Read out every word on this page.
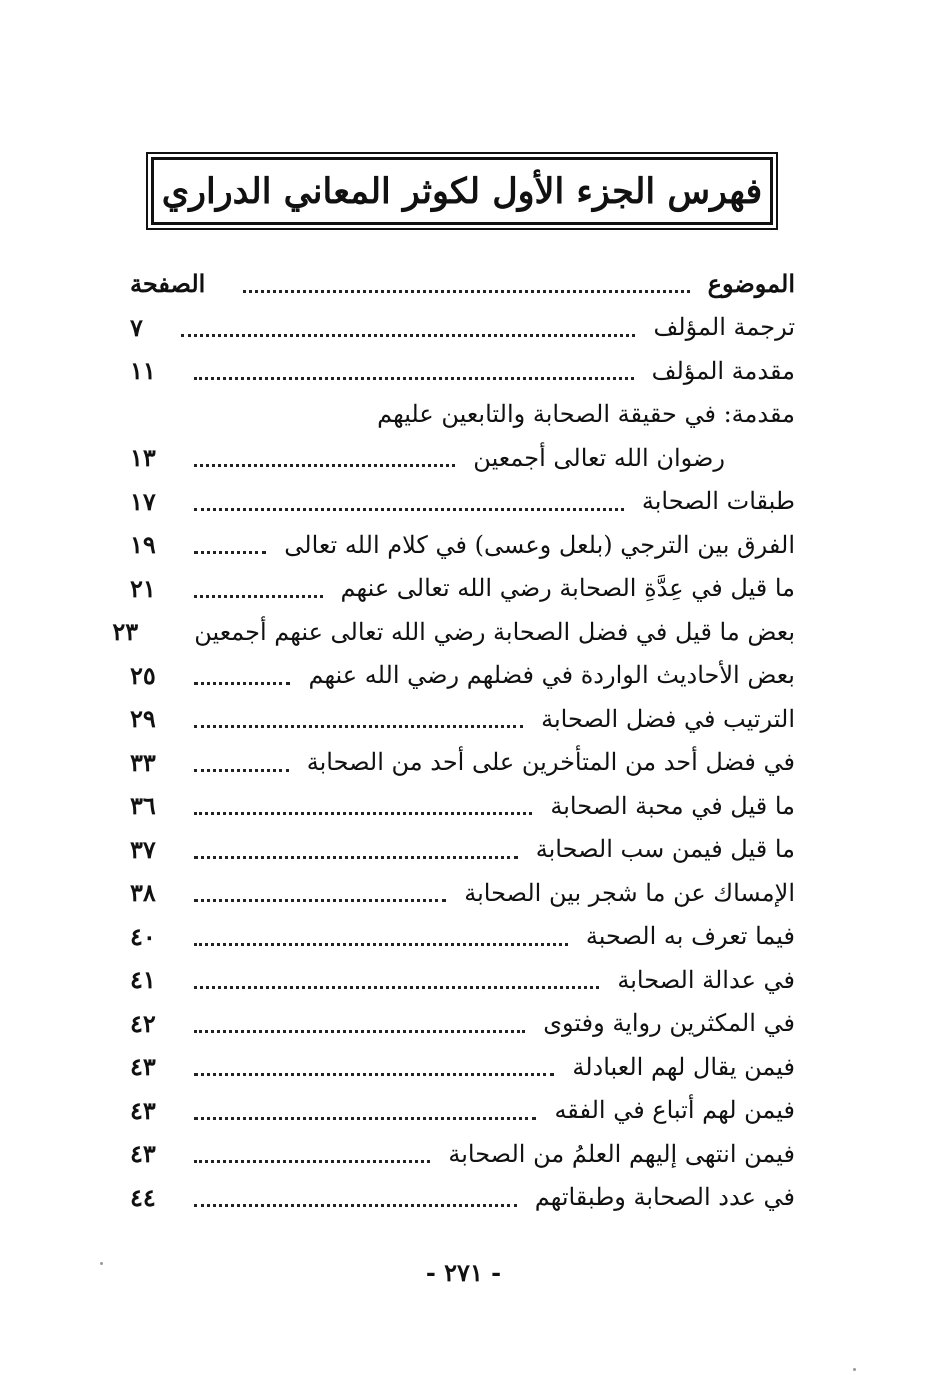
فهرس الجزء الأول لكوثر المعاني الدراري
الموضوع
الصفحة
ترجمة المؤلف
٧
مقدمة المؤلف
١١
مقدمة: في حقيقة الصحابة والتابعين عليهم
رضوان الله تعالى أجمعين
١٣
طبقات الصحابة
١٧
الفرق بين الترجي (بلعل وعسى) في كلام الله تعالى
١٩
ما قيل في عِدَّةِ الصحابة رضي الله تعالى عنهم
٢١
بعض ما قيل في فضل الصحابة رضي الله تعالى عنهم أجمعين
٢٣
بعض الأحاديث الواردة في فضلهم رضي الله عنهم
٢٥
الترتيب في فضل الصحابة
٢٩
في فضل أحد من المتأخرين على أحد من الصحابة
٣٣
ما قيل في محبة الصحابة
٣٦
ما قيل فيمن سب الصحابة
٣٧
الإمساك عن ما شجر بين الصحابة
٣٨
فيما تعرف به الصحبة
٤٠
في عدالة الصحابة
٤١
في المكثرين رواية وفتوى
٤٢
فيمن يقال لهم العبادلة
٤٣
فيمن لهم أتباع في الفقه
٤٣
فيمن انتهى إليهم العلمُ من الصحابة
٤٣
في عدد الصحابة وطبقاتهم
٤٤
- ٢٧١ -
